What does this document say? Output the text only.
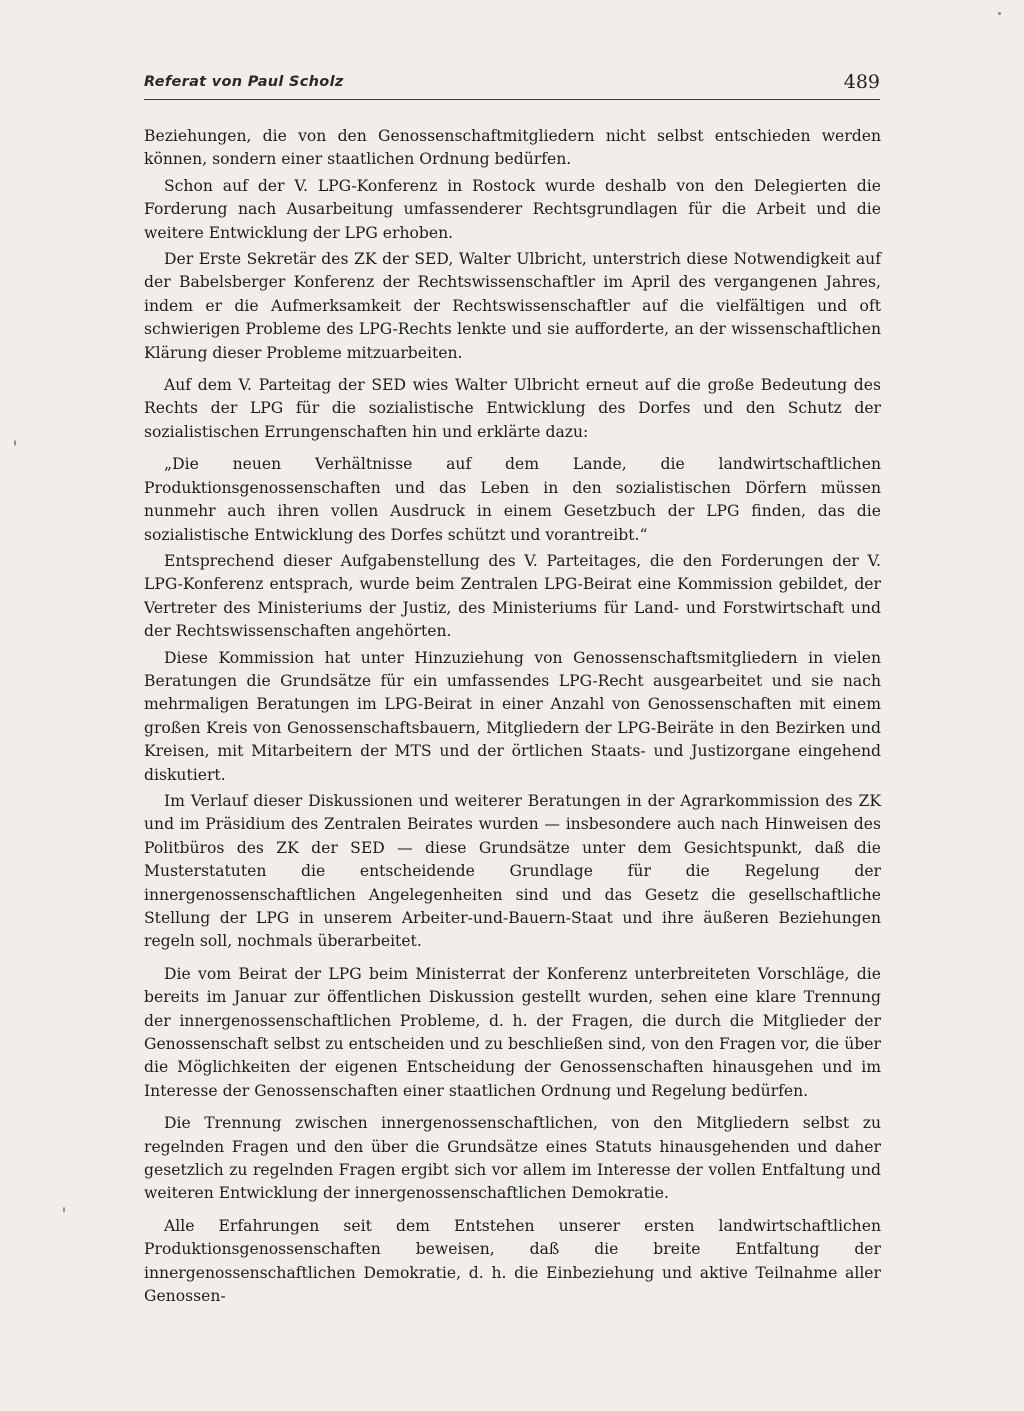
Referat von Paul Scholz	489

Beziehungen, die von den Genossenschaftmitgliedern nicht selbst entschieden werden können, sondern einer staatlichen Ordnung bedürfen.

Schon auf der V. LPG-Konferenz in Rostock wurde deshalb von den Delegierten die Forderung nach Ausarbeitung umfassenderer Rechtsgrundlagen für die Arbeit und die weitere Entwicklung der LPG erhoben.

Der Erste Sekretär des ZK der SED, Walter Ulbricht, unterstrich diese Notwendigkeit auf der Babelsberger Konferenz der Rechtswissenschaftler im April des vergangenen Jahres, indem er die Aufmerksamkeit der Rechtswissenschaftler auf die vielfältigen und oft schwierigen Probleme des LPG-Rechts lenkte und sie aufforderte, an der wissenschaftlichen Klärung dieser Probleme mitzuarbeiten.

Auf dem V. Parteitag der SED wies Walter Ulbricht erneut auf die große Bedeutung des Rechts der LPG für die sozialistische Entwicklung des Dorfes und den Schutz der sozialistischen Errungenschaften hin und erklärte dazu:

„Die neuen Verhältnisse auf dem Lande, die landwirtschaftlichen Produktionsgenossenschaften und das Leben in den sozialistischen Dörfern müssen nunmehr auch ihren vollen Ausdruck in einem Gesetzbuch der LPG finden, das die sozialistische Entwicklung des Dorfes schützt und vorantreibt.“

Entsprechend dieser Aufgabenstellung des V. Parteitages, die den Forderungen der V. LPG-Konferenz entsprach, wurde beim Zentralen LPG-Beirat eine Kommission gebildet, der Vertreter des Ministeriums der Justiz, des Ministeriums für Land- und Forstwirtschaft und der Rechtswissenschaften angehörten.

Diese Kommission hat unter Hinzuziehung von Genossenschaftsmitgliedern in vielen Beratungen die Grundsätze für ein umfassendes LPG-Recht ausgearbeitet und sie nach mehrmaligen Beratungen im LPG-Beirat in einer Anzahl von Genossenschaften mit einem großen Kreis von Genossenschaftsbauern, Mitgliedern der LPG-Beiräte in den Bezirken und Kreisen, mit Mitarbeitern der MTS und der örtlichen Staats- und Justizorgane eingehend diskutiert.

Im Verlauf dieser Diskussionen und weiterer Beratungen in der Agrarkommission des ZK und im Präsidium des Zentralen Beirates wurden — insbesondere auch nach Hinweisen des Politbüros des ZK der SED — diese Grundsätze unter dem Gesichtspunkt, daß die Musterstatuten die entscheidende Grundlage für die Regelung der innergenossenschaftlichen Angelegenheiten sind und das Gesetz die gesellschaftliche Stellung der LPG in unserem Arbeiter-und-Bauern-Staat und ihre äußeren Beziehungen regeln soll, nochmals überarbeitet.

Die vom Beirat der LPG beim Ministerrat der Konferenz unterbreiteten Vorschläge, die bereits im Januar zur öffentlichen Diskussion gestellt wurden, sehen eine klare Trennung der innergenossenschaftlichen Probleme, d. h. der Fragen, die durch die Mitglieder der Genossenschaft selbst zu entscheiden und zu beschließen sind, von den Fragen vor, die über die Möglichkeiten der eigenen Entscheidung der Genossenschaften hinausgehen und im Interesse der Genossenschaften einer staatlichen Ordnung und Regelung bedürfen.

Die Trennung zwischen innergenossenschaftlichen, von den Mitgliedern selbst zu regelnden Fragen und den über die Grundsätze eines Statuts hinausgehenden und daher gesetzlich zu regelnden Fragen ergibt sich vor allem im Interesse der vollen Entfaltung und weiteren Entwicklung der innergenossenschaftlichen Demokratie.

Alle Erfahrungen seit dem Entstehen unserer ersten landwirtschaftlichen Produktionsgenossenschaften beweisen, daß die breite Entfaltung der innergenossenschaftlichen Demokratie, d. h. die Einbeziehung und aktive Teilnahme aller Genossen-
